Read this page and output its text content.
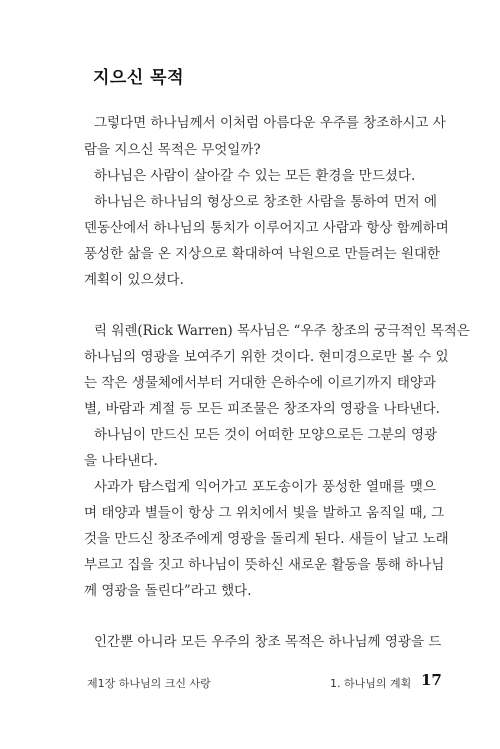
지으신 목적
그렇다면 하나님께서 이처럼 아름다운 우주를 창조하시고 사
람을 지으신 목적은 무엇일까?
하나님은 사람이 살아갈 수 있는 모든 환경을 만드셨다.
하나님은 하나님의 형상으로 창조한 사람을 통하여 먼저 에
덴동산에서 하나님의 통치가 이루어지고 사람과 항상 함께하며
풍성한 삶을 온 지상으로 확대하여 낙원으로 만들려는 원대한
계획이 있으셨다.
릭 워렌(Rick Warren) 목사님은 “우주 창조의 궁극적인 목적은
하나님의 영광을 보여주기 위한 것이다. 현미경으로만 볼 수 있
는 작은 생물체에서부터 거대한 은하수에 이르기까지 태양과
별, 바람과 계절 등 모든 피조물은 창조자의 영광을 나타낸다.
하나님이 만드신 모든 것이 어떠한 모양으로든 그분의 영광
을 나타낸다.
사과가 탐스럽게 익어가고 포도송이가 풍성한 열매를 맺으
며 태양과 별들이 항상 그 위치에서 빛을 발하고 움직일 때, 그
것을 만드신 창조주에게 영광을 돌리게 된다. 새들이 날고 노래
부르고 집을 짓고 하나님이 뜻하신 새로운 활동을 통해 하나님
께 영광을 돌린다”라고 했다.
인간뿐 아니라 모든 우주의 창조 목적은 하나님께 영광을 드
제1장 하나님의 크신 사랑	1. 하나님의 계획 17
